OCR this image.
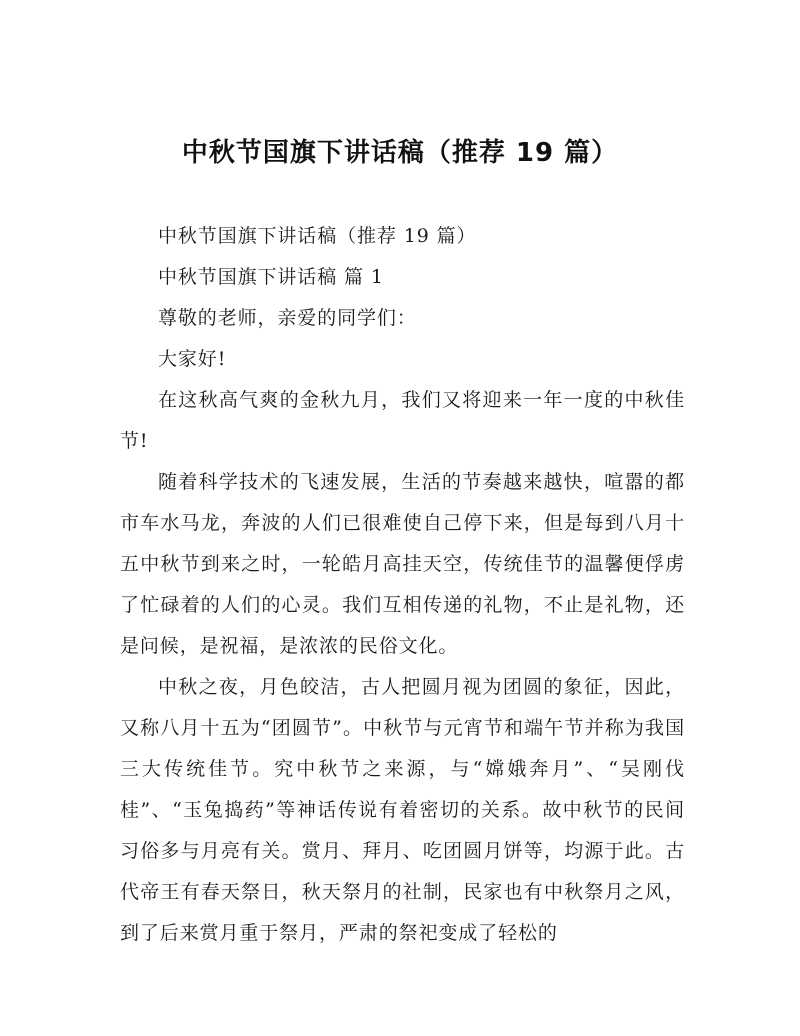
中秋节国旗下讲话稿（推荐 19 篇）

中秋节国旗下讲话稿（推荐 19 篇）

中秋节国旗下讲话稿 篇 1

尊敬的老师，亲爱的同学们：

大家好!

在这秋高气爽的金秋九月，我们又将迎来一年一度的中秋佳节!

随着科学技术的飞速发展，生活的节奏越来越快，喧嚣的都市车水马龙，奔波的人们已很难使自己停下来，但是每到八月十五中秋节到来之时，一轮皓月高挂天空，传统佳节的温馨便俘虏了忙碌着的人们的心灵。我们互相传递的礼物，不止是礼物，还是问候，是祝福，是浓浓的民俗文化。

中秋之夜，月色皎洁，古人把圆月视为团圆的象征，因此，又称八月十五为“团圆节”。中秋节与元宵节和端午节并称为我国三大传统佳节。究中秋节之来源，与“嫦娥奔月”、“吴刚伐桂”、“玉兔捣药”等神话传说有着密切的关系。故中秋节的民间习俗多与月亮有关。赏月、拜月、吃团圆月饼等，均源于此。古代帝王有春天祭日，秋天祭月的社制，民家也有中秋祭月之风，到了后来赏月重于祭月，严肃的祭祀变成了轻松的
